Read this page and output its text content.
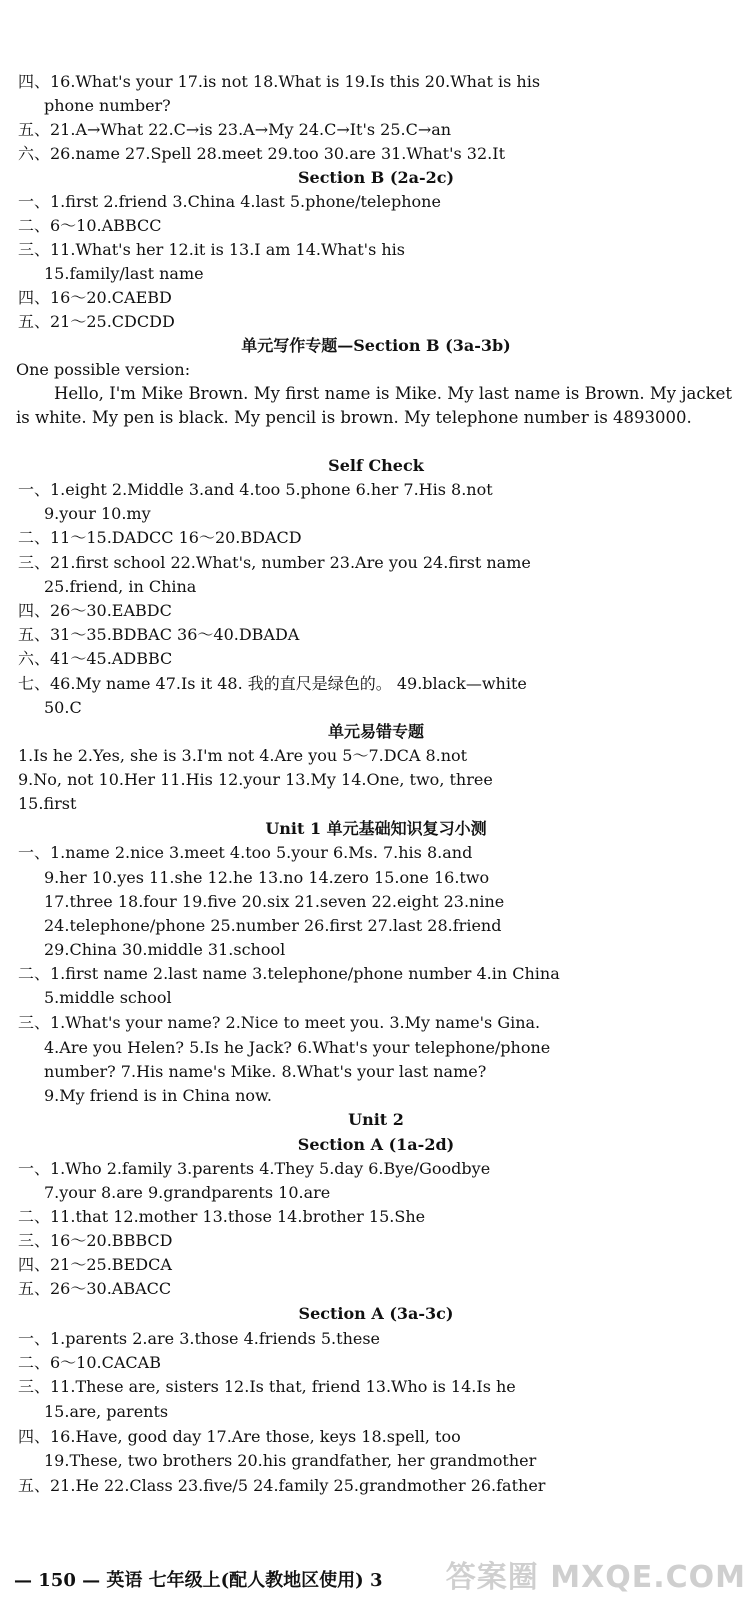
四、16.What's your 17.is not 18.What is 19.Is this 20.What is his
phone number?
五、21.A→What 22.C→is 23.A→My 24.C→It's 25.C→an
六、26.name 27.Spell 28.meet 29.too 30.are 31.What's 32.It
一、1.first 2.friend 3.China 4.last 5.phone/telephone
二、6～10.ABBCC
三、11.What's her 12.it is 13.I am 14.What's his
15.family/last name
四、16～20.CAEBD
五、21～25.CDCDD
一、1.eight 2.Middle 3.and 4.too 5.phone 6.her 7.His 8.not
9.your 10.my
二、11～15.DADCC 16～20.BDACD
三、21.first school 22.What's, number 23.Are you 24.first name
25.friend, in China
四、26～30.EABDC
五、31～35.BDBAC 36～40.DBADA
六、41～45.ADBBC
七、46.My name 47.Is it 48. 我的直尺是绿色的。 49.black—white
50.C
1.Is he 2.Yes, she is 3.I'm not 4.Are you 5～7.DCA 8.not
9.No, not 10.Her 11.His 12.your 13.My 14.One, two, three
15.first
一、1.name 2.nice 3.meet 4.too 5.your 6.Ms. 7.his 8.and
9.her 10.yes 11.she 12.he 13.no 14.zero 15.one 16.two
17.three 18.four 19.five 20.six 21.seven 22.eight 23.nine
24.telephone/phone 25.number 26.first 27.last 28.friend
29.China 30.middle 31.school
二、1.first name 2.last name 3.telephone/phone number 4.in China
5.middle school
三、1.What's your name? 2.Nice to meet you. 3.My name's Gina.
4.Are you Helen? 5.Is he Jack? 6.What's your telephone/phone
number? 7.His name's Mike. 8.What's your last name?
9.My friend is in China now.
一、1.Who 2.family 3.parents 4.They 5.day 6.Bye/Goodbye
7.your 8.are 9.grandparents 10.are
二、11.that 12.mother 13.those 14.brother 15.She
三、16～20.BBBCD
四、21～25.BEDCA
五、26～30.ABACC
一、1.parents 2.are 3.those 4.friends 5.these
二、6～10.CACAB
三、11.These are, sisters 12.Is that, friend 13.Who is 14.Is he
15.are, parents
四、16.Have, good day 17.Are those, keys 18.spell, too
19.These, two brothers 20.his grandfather, her grandmother
五、21.He 22.Class 23.five/5 24.family 25.grandmother 26.father
Section B (2a-2c)
单元写作专题—Section B (3a-3b)
Self Check
单元易错专题
Unit 1 单元基础知识复习小测
Unit 2
Section A (1a-2d)
Section A (3a-3c)
One possible version:
Hello, I'm Mike Brown. My first name is Mike. My last name is Brown. My jacket is white. My pen is black. My pencil is brown. My telephone number is 4893000.
— 150 — 英语 七年级上(配人教地区使用) 3 答案圈 MXQE.COM
